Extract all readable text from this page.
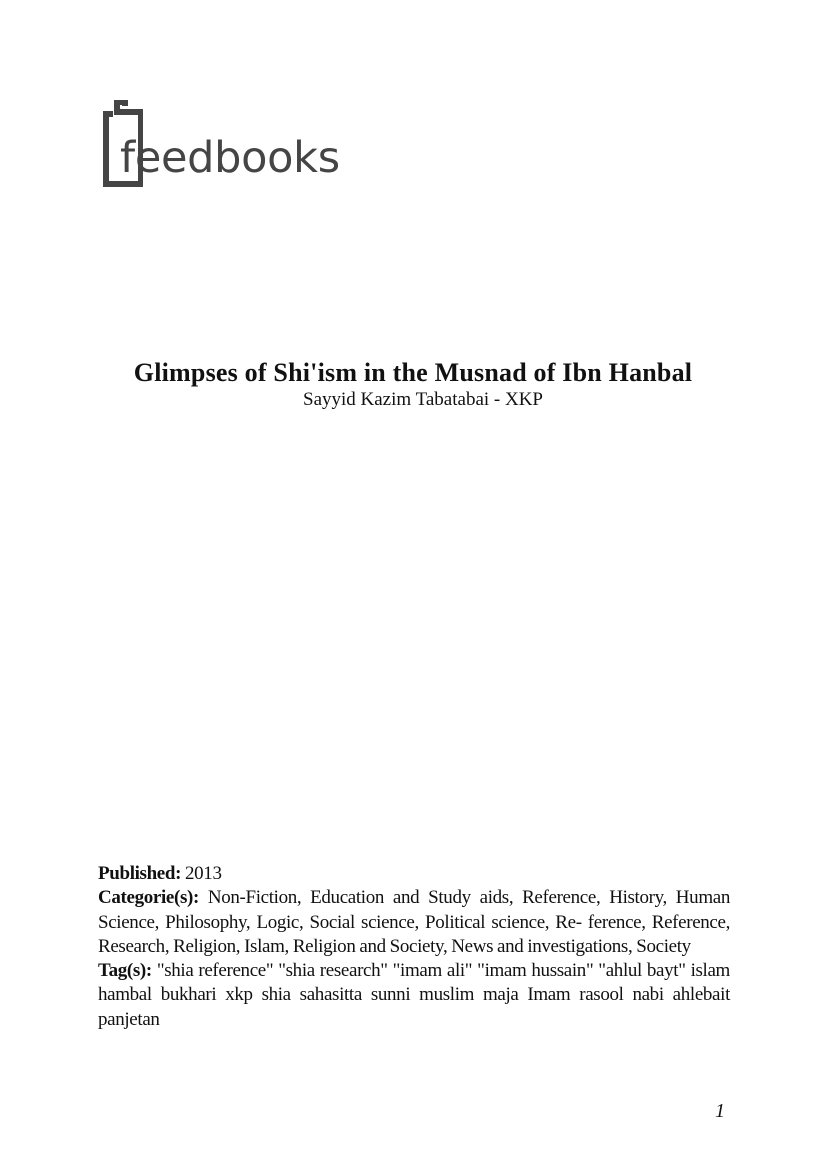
feedbooks

Glimpses of Shi'ism in the Musnad of Ibn Hanbal

Sayyid Kazim Tabatabai - XKP

Published: 2013
Categorie(s): Non-Fiction, Education and Study aids, Reference, History, Human Science, Philosophy, Logic, Social science, Political science, Re- ference, Reference, Research, Religion, Islam, Religion and Society, News and investigations, Society
Tag(s): "shia reference" "shia research" "imam ali" "imam hussain" "ahlul bayt" islam hambal bukhari xkp shia sahasitta sunni muslim maja Imam rasool nabi ahlebait panjetan
1
